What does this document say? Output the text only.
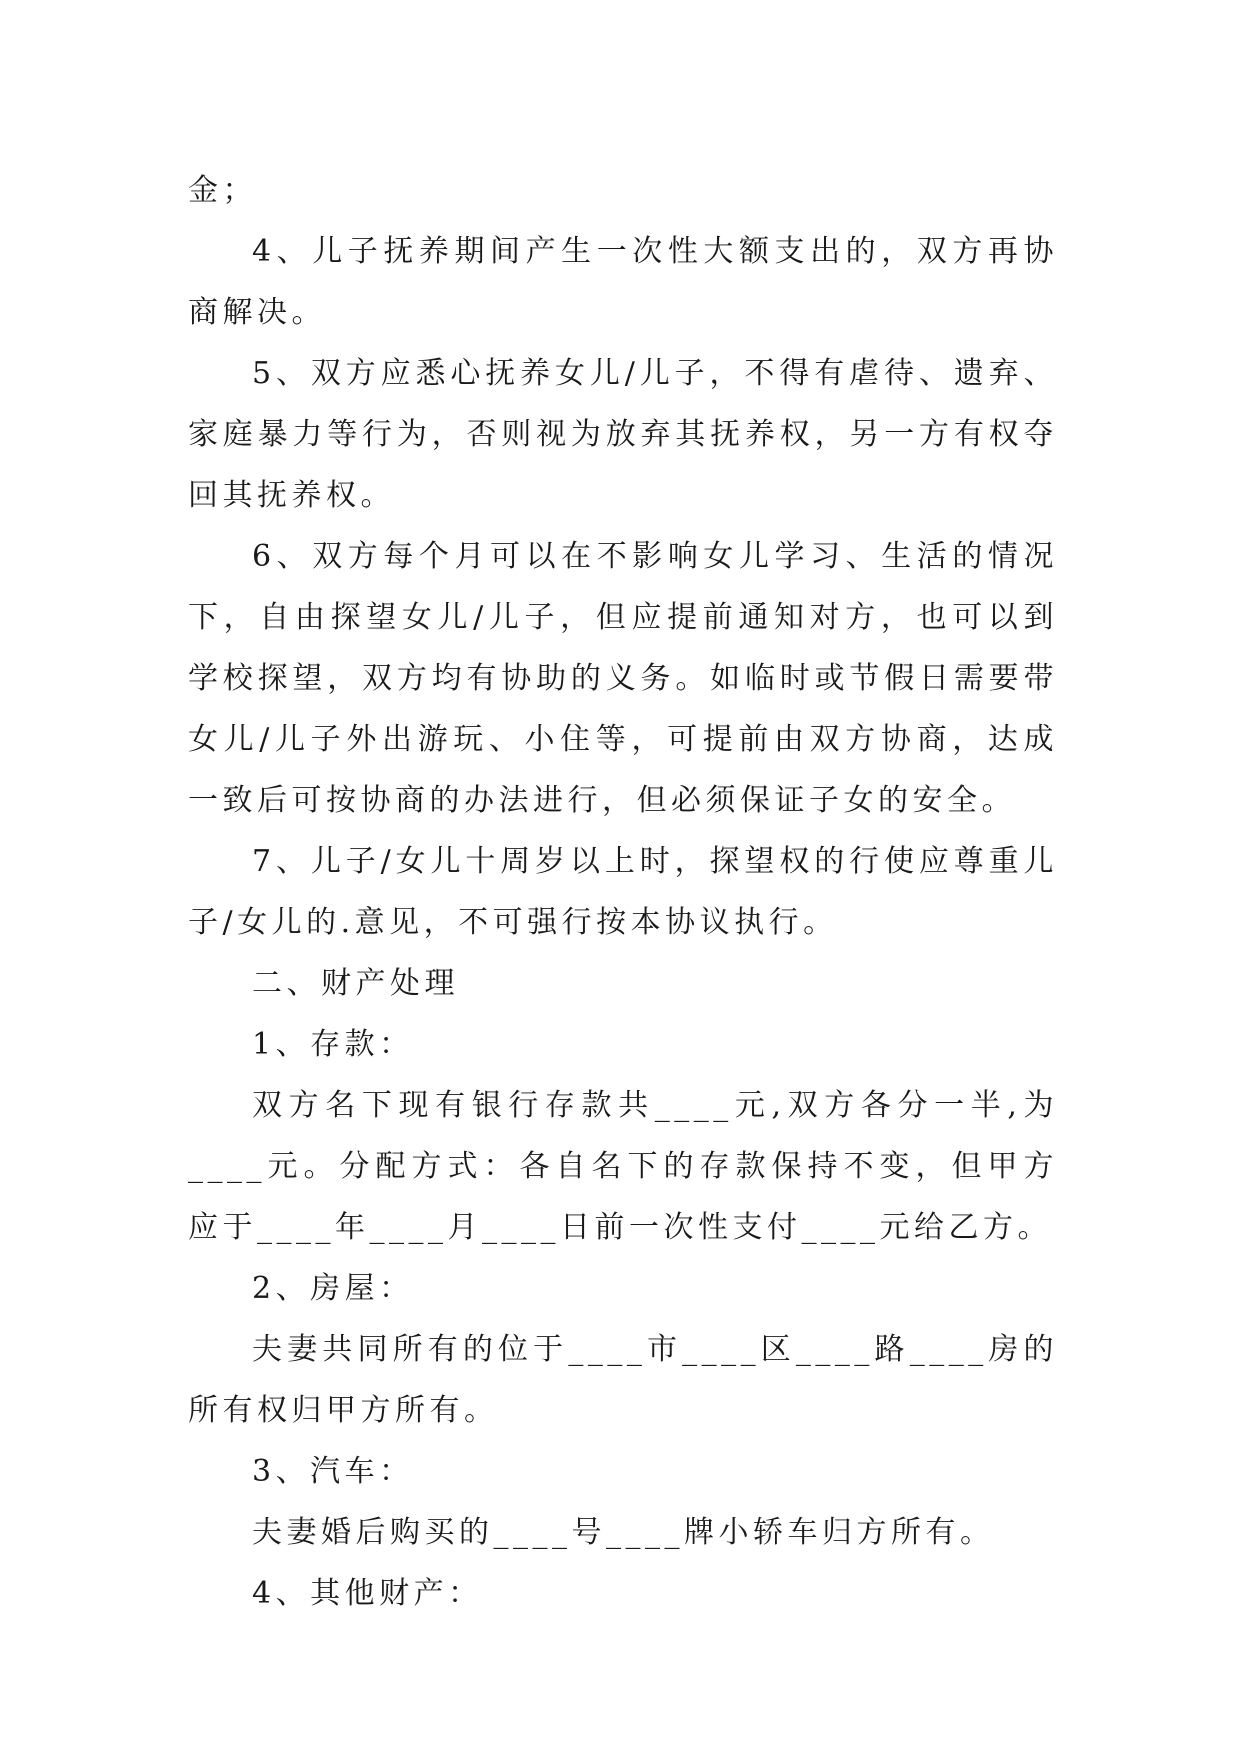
金；

4、儿子抚养期间产生一次性大额支出的，双方再协商解决。

5、双方应悉心抚养女儿/儿子，不得有虐待、遗弃、家庭暴力等行为，否则视为放弃其抚养权，另一方有权夺回其抚养权。

6、双方每个月可以在不影响女儿学习、生活的情况下，自由探望女儿/儿子，但应提前通知对方，也可以到学校探望，双方均有协助的义务。如临时或节假日需要带女儿/儿子外出游玩、小住等，可提前由双方协商，达成一致后可按协商的办法进行，但必须保证子女的安全。

7、儿子/女儿十周岁以上时，探望权的行使应尊重儿子/女儿的.意见，不可强行按本协议执行。

二、财产处理

1、存款：

双方名下现有银行存款共____元,双方各分一半,为____元。分配方式：各自名下的存款保持不变，但甲方应于____年____月____日前一次性支付____元给乙方。

2、房屋：

夫妻共同所有的位于____市____区____路____房的所有权归甲方所有。

3、汽车：

夫妻婚后购买的____号____牌小轿车归方所有。

4、其他财产：
